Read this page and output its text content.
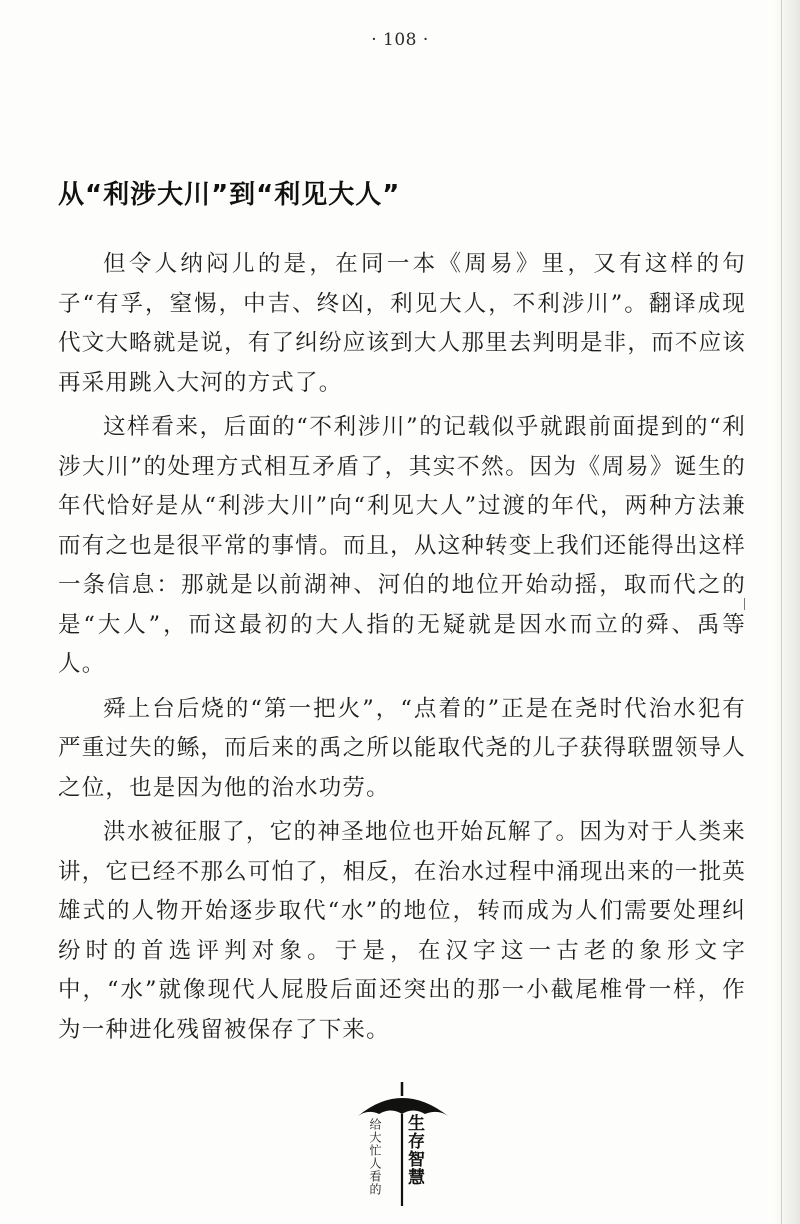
· 108 ·
从“利涉大川”到“利见大人”

但令人纳闷儿的是，在同一本《周易》里，又有这样的句子“有孚，窒惕，中吉、终凶，利见大人，不利涉川”。翻译成现代文大略就是说，有了纠纷应该到大人那里去判明是非，而不应该再采用跳入大河的方式了。

这样看来，后面的“不利涉川”的记载似乎就跟前面提到的“利涉大川”的处理方式相互矛盾了，其实不然。因为《周易》诞生的年代恰好是从“利涉大川”向“利见大人”过渡的年代，两种方法兼而有之也是很平常的事情。而且，从这种转变上我们还能得出这样一条信息：那就是以前湖神、河伯的地位开始动摇，取而代之的是“大人”，而这最初的大人指的无疑就是因水而立的舜、禹等人。

舜上台后烧的“第一把火”，“点着的”正是在尧时代治水犯有严重过失的鲧，而后来的禹之所以能取代尧的儿子获得联盟领导人之位，也是因为他的治水功劳。

洪水被征服了，它的神圣地位也开始瓦解了。因为对于人类来讲，它已经不那么可怕了，相反，在治水过程中涌现出来的一批英雄式的人物开始逐步取代“水”的地位，转而成为人们需要处理纠纷时的首选评判对象。于是，在汉字这一古老的象形文字中，“水”就像现代人屁股后面还突出的那一小截尾椎骨一样，作为一种进化残留被保存了下来。

给大忙人看的 生存智慧
